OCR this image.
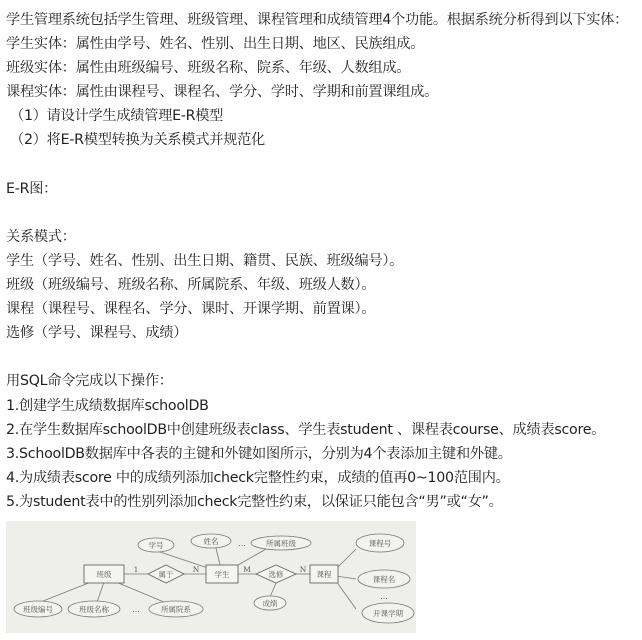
学生管理系统包括学生管理、班级管理、课程管理和成绩管理4个功能。根据系统分析得到以下实体：
学生实体：属性由学号、姓名、性别、出生日期、地区、民族组成。
班级实体：属性由班级编号、班级名称、院系、年级、人数组成。
课程实体：属性由课程号、课程名、学分、学时、学期和前置课组成。
（1）请设计学生成绩管理E-R模型
（2）将E-R模型转换为关系模式并规范化
E-R图：
关系模式：
学生（学号、姓名、性别、出生日期、籍贯、民族、班级编号）。
班级（班级编号、班级名称、所属院系、年级、班级人数）。
课程（课程号、课程名、学分、课时、开课学期、前置课）。
选修（学号、课程号、成绩）
用SQL命令完成以下操作：
1.创建学生成绩数据库schoolDB
2.在学生数据库schoolDB中创建班级表class、学生表student 、课程表course、成绩表score。
3.SchoolDB数据库中各表的主键和外键如图所示，分别为4个表添加主键和外键。
4.为成绩表score 中的成绩列添加check完整性约束，成绩的值再0~100范围内。
5.为student表中的性别列添加check完整性约束，以保证只能包含“男”或“女”。
班级	学生	课程
属于	选修
学号	姓名	所属班级
…	课程号
课程名
开课学期
…
成绩
班级编号	班级名称	所属院系
…
1	N	M	N
